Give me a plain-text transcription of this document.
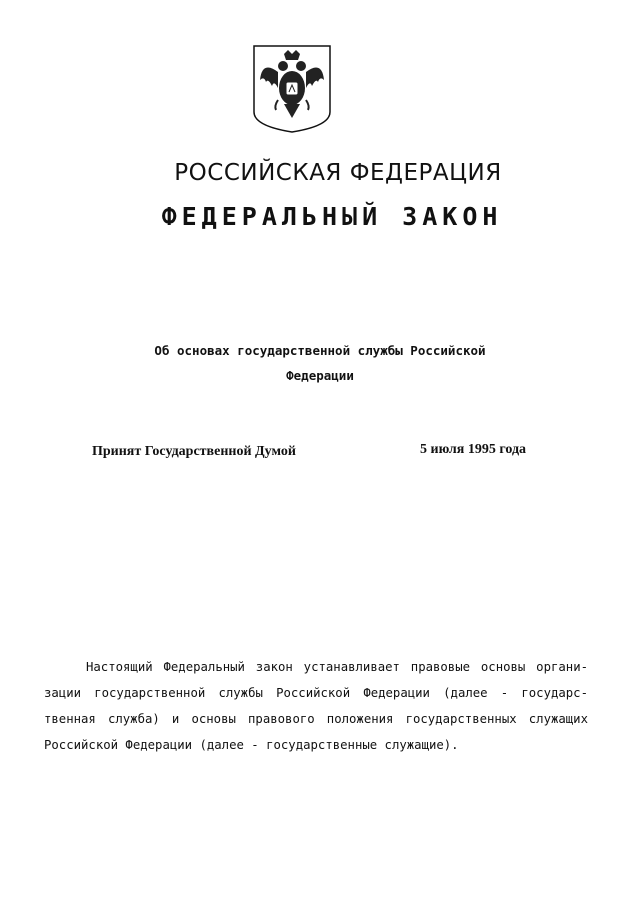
РОССИЙСКАЯ ФЕДЕРАЦИЯ
ФЕДЕРАЛЬНЫЙ ЗАКОН
Об основах государственной службы Российской
Федерации
Принят Государственной Думой	5 июля 1995 года
Настоящий Федеральный закон устанавливает правовые основы органи-
зации государственной службы Российской Федерации (далее - государс-
твенная служба) и основы правового положения государственных служащих
Российской Федерации (далее - государственные служащие).
